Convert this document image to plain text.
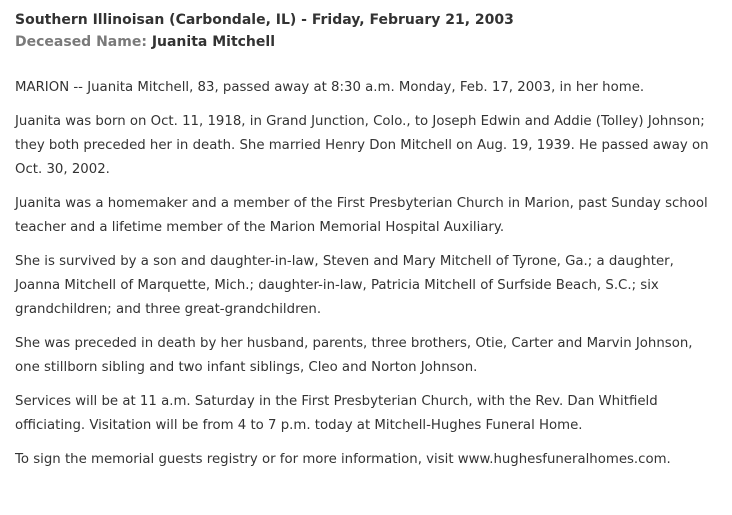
Southern Illinoisan (Carbondale, IL) - Friday, February 21, 2003

Deceased Name: Juanita Mitchell

MARION -- Juanita Mitchell, 83, passed away at 8:30 a.m. Monday, Feb. 17, 2003, in her home.

Juanita was born on Oct. 11, 1918, in Grand Junction, Colo., to Joseph Edwin and Addie (Tolley) Johnson; they both preceded her in death. She married Henry Don Mitchell on Aug. 19, 1939. He passed away on Oct. 30, 2002.

Juanita was a homemaker and a member of the First Presbyterian Church in Marion, past Sunday school teacher and a lifetime member of the Marion Memorial Hospital Auxiliary.

She is survived by a son and daughter-in-law, Steven and Mary Mitchell of Tyrone, Ga.; a daughter, Joanna Mitchell of Marquette, Mich.; daughter-in-law, Patricia Mitchell of Surfside Beach, S.C.; six grandchildren; and three great-grandchildren.

She was preceded in death by her husband, parents, three brothers, Otie, Carter and Marvin Johnson, one stillborn sibling and two infant siblings, Cleo and Norton Johnson.

Services will be at 11 a.m. Saturday in the First Presbyterian Church, with the Rev. Dan Whitfield officiating. Visitation will be from 4 to 7 p.m. today at Mitchell-Hughes Funeral Home.

To sign the memorial guests registry or for more information, visit www.hughesfuneralhomes.com.
